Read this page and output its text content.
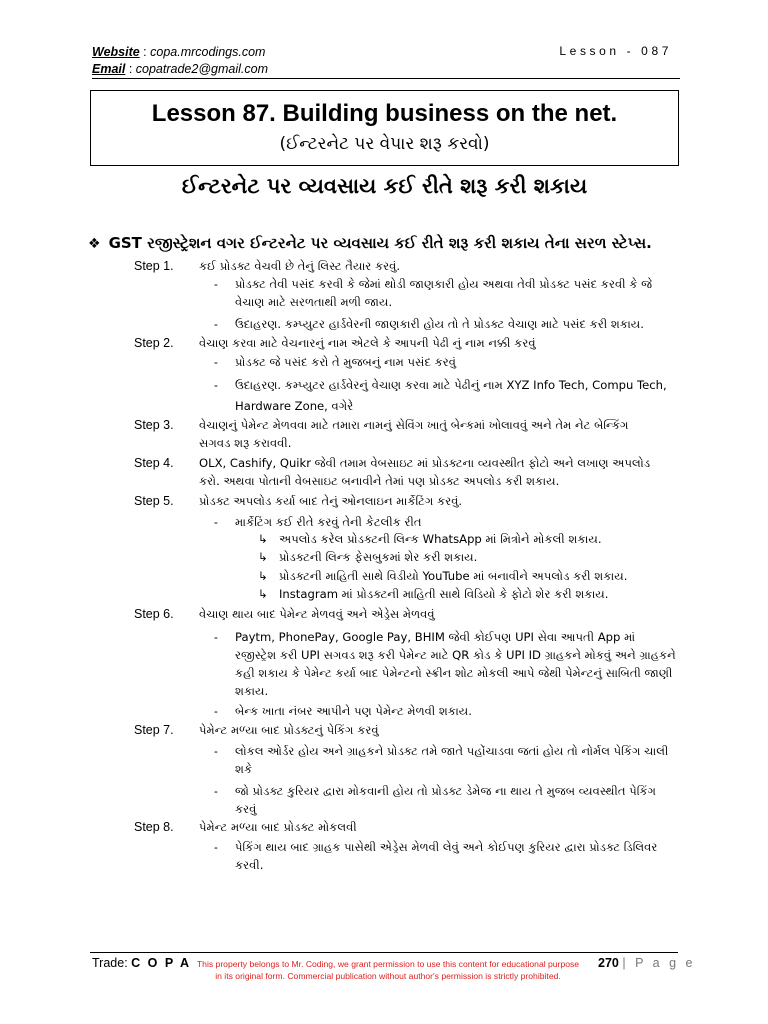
Website : copa.mrcodings.com
Email : copatrade2@gmail.com
Lesson - 087
Lesson 87. Building business on the net.
(ઈન્ટરનેટ પર વેપાર શરૂ કરવો)
ઈન્ટરનેટ પર વ્યવસાય કઈ રીતે શરૂ કરી શકાય
❖ GST રજીસ્ટ્રેશન વગર ઈન્ટરનેટ પર વ્યવસાય કઈ રીતે શરૂ કરી શકાય તેના સરળ સ્ટેપ્સ.
Step 1. કઈ પ્રોડક્ટ વેચવી છે તેનું લિસ્ટ તૈયાર કરવું.
- પ્રોડક્ટ તેવી પસંદ કરવી કે જેમાં થોડી જાણકારી હોય અથવા તેવી પ્રોડક્ટ પસંદ કરવી કે જે
વેચાણ માટે સરળતાથી મળી જાય.
- ઉદાહરણ. કમ્પ્યુટર હાર્ડવેરની જાણકારી હોય તો તે પ્રોડક્ટ વેચાણ માટે પસંદ કરી શકાય.
Step 2. વેચાણ કરવા માટે વેચનારનું નામ એટલે કે આપની પેઢી નું નામ નક્કી કરવું
- પ્રોડક્ટ જે પસંદ કરો તે મુજબનું નામ પસંદ કરવું
- ઉદાહરણ. કમ્પ્યુટર હાર્ડવેરનું વેચાણ કરવા માટે પેઢીનું નામ XYZ Info Tech, Compu Tech,
Hardware Zone, વગેરે
Step 3. વેચાણનું પેમેન્ટ મેળવવા માટે તમારા નામનું સેવિંગ ખાતું બેન્કમાં ખોલાવવું અને તેમ નેટ બેન્કિંગ
સગવડ શરૂ કરાવવી.
Step 4. OLX, Cashify, Quikr જેવી તમામ વેબસાઇટ માં પ્રોડક્ટના વ્યવસ્થીત ફોટો અને લખાણ અપલોડ
કરો. અથવા પોતાની વેબસાઇટ બનાવીને તેમાં પણ પ્રોડક્ટ અપલોડ કરી શકાય.
Step 5. પ્રોડક્ટ અપલોડ કર્યા બાદ તેનું ઓનલાઇન માર્કેટિંગ કરવું.
- માર્કેટિંગ કઈ રીતે કરવું તેની કેટલીક રીત
↳ અપલોડ કરેલ પ્રોડક્ટની લિન્ક WhatsApp માં મિત્રોને મોકલી શકાય.
↳ પ્રોડક્ટની લિન્ક ફેસબુકમાં શેર કરી શકાય.
↳ પ્રોડક્ટની માહિતી સાથે વિડીયો YouTube માં બનાવીને અપલોડ કરી શકાય.
↳ Instagram માં પ્રોડક્ટની માહિતી સાથે વિડિયો કે ફોટો શેર કરી શકાય.
Step 6. વેચાણ થાય બાદ પેમેન્ટ મેળવવું અને એડ્રેસ મેળવવું
- Paytm, PhonePay, Google Pay, BHIM જેવી કોઈપણ UPI સેવા આપતી App માં
રજીસ્ટ્રેશ કરી UPI સગવડ શરૂ કરી પેમેન્ટ માટે QR કોડ કે UPI ID ગ્રાહકને મોકવું અને ગ્રાહકને
કહી શકાય કે પેમેન્ટ કર્યા બાદ પેમેન્ટનો સ્ક્રીન શોટ મોકલી આપે જેથી પેમેન્ટનું સાબિતી જાણી
શકાય.
- બેન્ક ખાતા નંબર આપીને પણ પેમેન્ટ મેળવી શકાય.
Step 7. પેમેન્ટ મળ્યા બાદ પ્રોડક્ટનું પેકિંગ કરવું
- લોકલ ઓર્ડર હોય અને ગ્રાહકને પ્રોડક્ટ તમે જાતે પહોંચાડવા જતાં હોય તો નોર્મલ પેકિંગ ચાલી
શકે
- જો પ્રોડક્ટ કુરિયર દ્વારા મોકવાની હોય તો પ્રોડક્ટ ડેમેજ ના થાય તે મુજબ વ્યવસ્થીત પેકિંગ
કરવું
Step 8. પેમેન્ટ મળ્યા બાદ પ્રોડક્ટ મોકલવી
- પેકિંગ થાય બાદ ગ્રાહક પાસેથી એડ્રેસ મેળવી લેવું અને કોઈપણ કુરિયર દ્વારા પ્રોડક્ટ ડિલિવર
કરવી.
Trade: C O P A This property belongs to Mr. Coding, we grant permission to use this content for educational purpose
in its original form. Commercial publication without author's permission is strictly prohibited.
270 | P a g e
